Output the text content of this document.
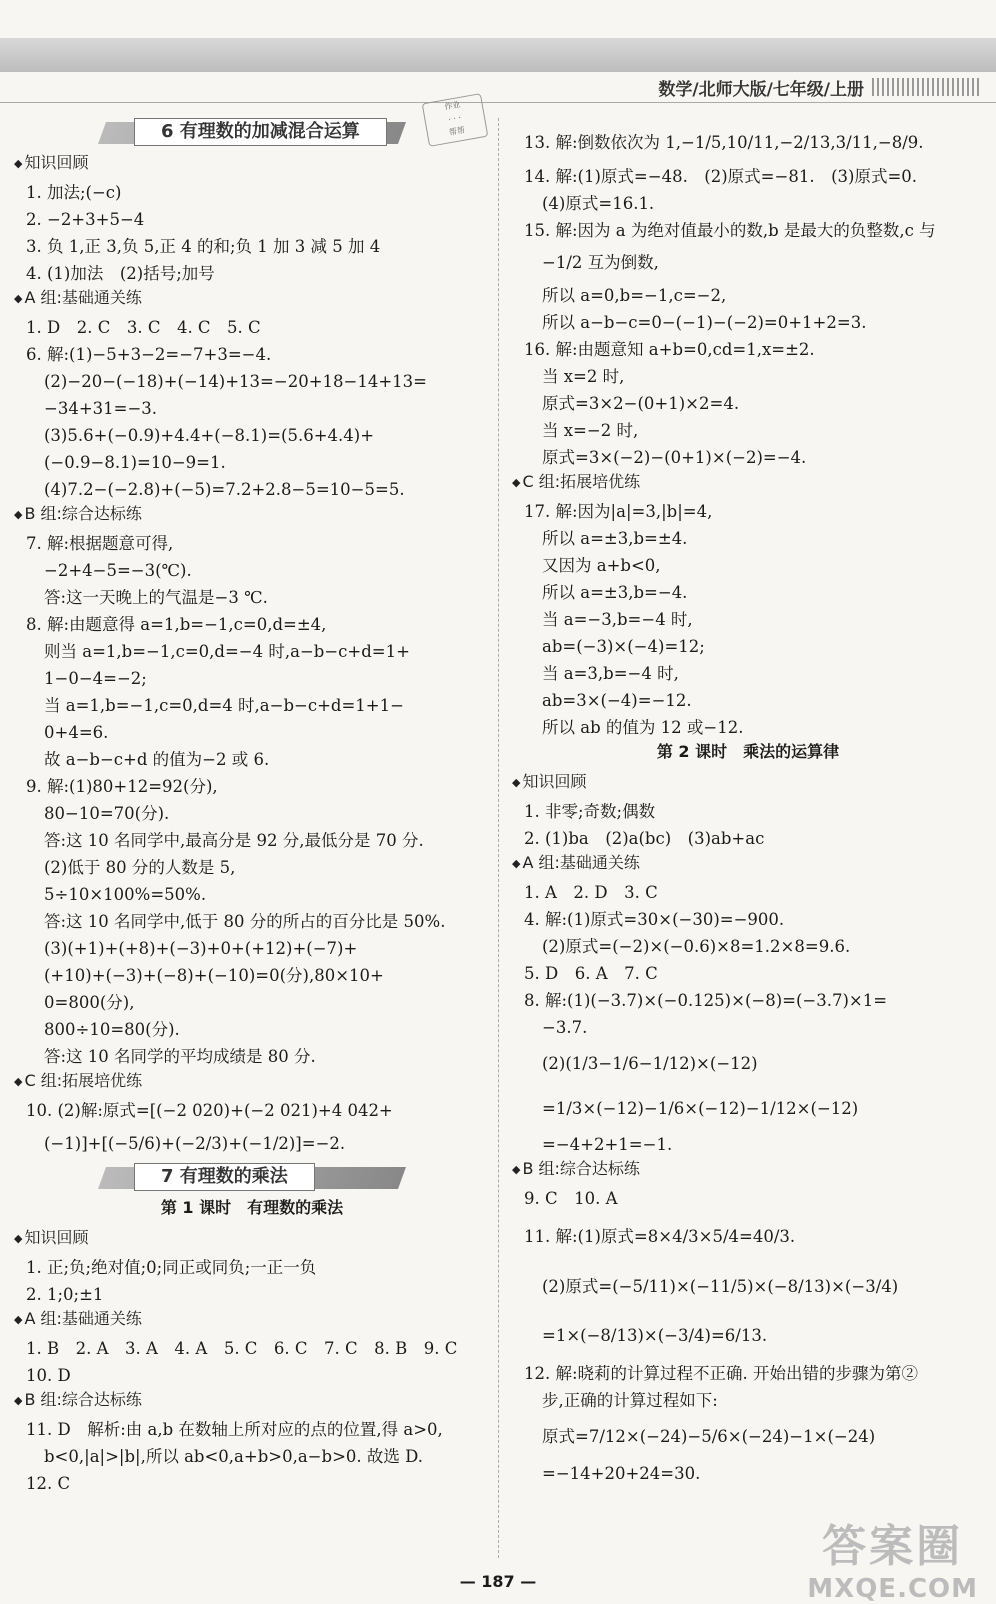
数学/北师大版/七年级/上册
作业
· · ·
帮帮
6 有理数的加减混合运算
◆ 知识回顾
1. 加法;(−c)
2. −2+3+5−4
3. 负 1,正 3,负 5,正 4 的和;负 1 加 3 减 5 加 4
4. (1)加法　(2)括号;加号
◆ A 组:基础通关练
1. D　2. C　3. C　4. C　5. C
6. 解:(1)−5+3−2=−7+3=−4.
(2)−20−(−18)+(−14)+13=−20+18−14+13=
−34+31=−3.
(3)5.6+(−0.9)+4.4+(−8.1)=(5.6+4.4)+
(−0.9−8.1)=10−9=1.
(4)7.2−(−2.8)+(−5)=7.2+2.8−5=10−5=5.
◆ B 组:综合达标练
7. 解:根据题意可得,
−2+4−5=−3(℃).
答:这一天晚上的气温是−3 ℃.
8. 解:由题意得 a=1,b=−1,c=0,d=±4,
则当 a=1,b=−1,c=0,d=−4 时,a−b−c+d=1+
1−0−4=−2;
当 a=1,b=−1,c=0,d=4 时,a−b−c+d=1+1−
0+4=6.
故 a−b−c+d 的值为−2 或 6.
9. 解:(1)80+12=92(分),
80−10=70(分).
答:这 10 名同学中,最高分是 92 分,最低分是 70 分.
(2)低于 80 分的人数是 5,
5÷10×100%=50%.
答:这 10 名同学中,低于 80 分的所占的百分比是 50%.
(3)(+1)+(+8)+(−3)+0+(+12)+(−7)+
(+10)+(−3)+(−8)+(−10)=0(分),80×10+
0=800(分),
800÷10=80(分).
答:这 10 名同学的平均成绩是 80 分.
◆ C 组:拓展培优练
10. (2)解:原式=[(−2 020)+(−2 021)+4 042+
(−1)]+[(−5/6)+(−2/3)+(−1/2)]=−2.
7 有理数的乘法
第 1 课时　有理数的乘法
◆ 知识回顾
1. 正;负;绝对值;0;同正或同负;一正一负
2. 1;0;±1
◆ A 组:基础通关练
1. B　2. A　3. A　4. A　5. C　6. C　7. C　8. B　9. C
10. D
◆ B 组:综合达标练
11. D　解析:由 a,b 在数轴上所对应的点的位置,得 a>0,
b<0,|a|>|b|,所以 ab<0,a+b>0,a−b>0. 故选 D.
12. C
13. 解:倒数依次为 1,−1/5,10/11,−2/13,3/11,−8/9.
14. 解:(1)原式=−48.　(2)原式=−81.　(3)原式=0.
(4)原式=16.1.
15. 解:因为 a 为绝对值最小的数,b 是最大的负整数,c 与
−1/2 互为倒数,
所以 a=0,b=−1,c=−2,
所以 a−b−c=0−(−1)−(−2)=0+1+2=3.
16. 解:由题意知 a+b=0,cd=1,x=±2.
当 x=2 时,
原式=3×2−(0+1)×2=4.
当 x=−2 时,
原式=3×(−2)−(0+1)×(−2)=−4.
◆ C 组:拓展培优练
17. 解:因为|a|=3,|b|=4,
所以 a=±3,b=±4.
又因为 a+b<0,
所以 a=±3,b=−4.
当 a=−3,b=−4 时,
ab=(−3)×(−4)=12;
当 a=3,b=−4 时,
ab=3×(−4)=−12.
所以 ab 的值为 12 或−12.
第 2 课时　乘法的运算律
◆ 知识回顾
1. 非零;奇数;偶数
2. (1)ba　(2)a(bc)　(3)ab+ac
◆ A 组:基础通关练
1. A　2. D　3. C
4. 解:(1)原式=30×(−30)=−900.
(2)原式=(−2)×(−0.6)×8=1.2×8=9.6.
5. D　6. A　7. C
8. 解:(1)(−3.7)×(−0.125)×(−8)=(−3.7)×1=
−3.7.
(2)(1/3−1/6−1/12)×(−12)
=1/3×(−12)−1/6×(−12)−1/12×(−12)
=−4+2+1=−1.
◆ B 组:综合达标练
9. C　10. A
11. 解:(1)原式=8×4/3×5/4=40/3.
(2)原式=(−5/11)×(−11/5)×(−8/13)×(−3/4)
=1×(−8/13)×(−3/4)=6/13.
12. 解:晓莉的计算过程不正确. 开始出错的步骤为第②
步,正确的计算过程如下:
原式=7/12×(−24)−5/6×(−24)−1×(−24)
=−14+20+24=30.
— 187 —
答案圈
MXQE.COM
